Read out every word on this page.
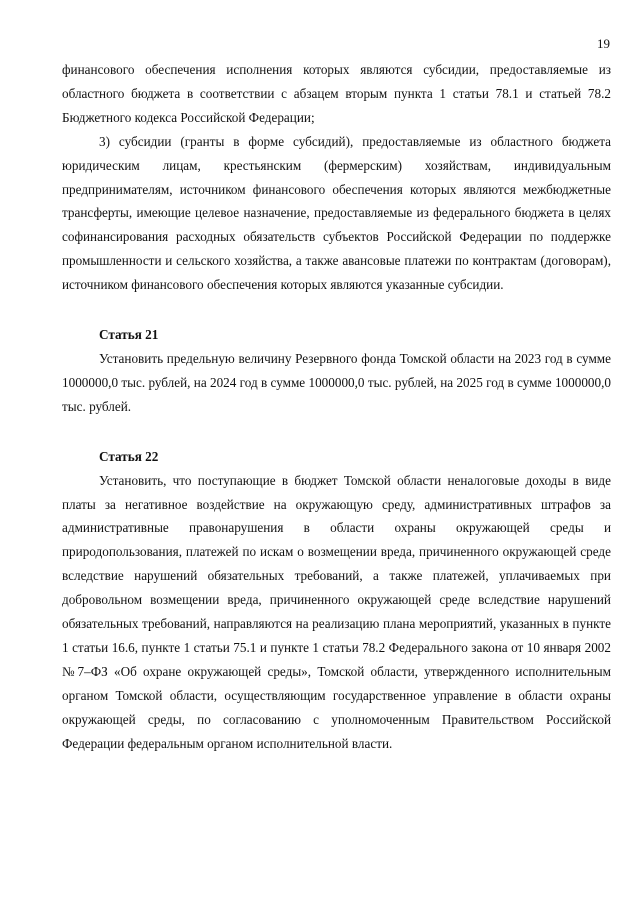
19

финансового обеспечения исполнения которых являются субсидии, предоставляемые из областного бюджета в соответствии с абзацем вторым пункта 1 статьи 78.1 и статьей 78.2 Бюджетного кодекса Российской Федерации;

3) субсидии (гранты в форме субсидий), предоставляемые из областного бюджета юридическим лицам, крестьянским (фермерским) хозяйствам, индивидуальным предпринимателям, источником финансового обеспечения которых являются межбюджетные трансферты, имеющие целевое назначение, предоставляемые из федерального бюджета в целях софинансирования расходных обязательств субъектов Российской Федерации по поддержке промышленности и сельского хозяйства, а также авансовые платежи по контрактам (договорам), источником финансового обеспечения которых являются указанные субсидии.

Статья 21

Установить предельную величину Резервного фонда Томской области на 2023 год в сумме 1000000,0 тыс. рублей, на 2024 год в сумме 1000000,0 тыс. рублей, на 2025 год в сумме 1000000,0 тыс. рублей.

Статья 22

Установить, что поступающие в бюджет Томской области неналоговые доходы в виде платы за негативное воздействие на окружающую среду, административных штрафов за административные правонарушения в области охраны окружающей среды и природопользования, платежей по искам о возмещении вреда, причиненного окружающей среде вследствие нарушений обязательных требований, а также платежей, уплачиваемых при добровольном возмещении вреда, причиненного окружающей среде вследствие нарушений обязательных требований, направляются на реализацию плана мероприятий, указанных в пункте 1 статьи 16.6, пункте 1 статьи 75.1 и пункте 1 статьи 78.2 Федерального закона от 10 января 2002 №7–ФЗ «Об охране окружающей среды», Томской области, утвержденного исполнительным органом Томской области, осуществляющим государственное управление в области охраны окружающей среды, по согласованию с уполномоченным Правительством Российской Федерации федеральным органом исполнительной власти.
